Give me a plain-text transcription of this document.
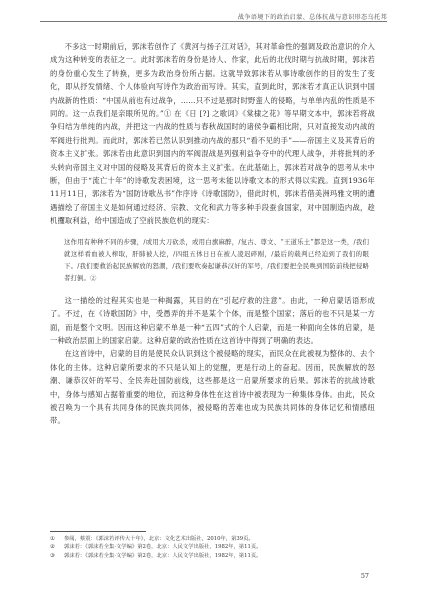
战争语境下的政治启蒙、总体抗战与意识形态乌托邦

不多这一时期前后，郭沫若创作了《黄河与扬子江对话》，其对革命性的强调及政治意识的介入成为这种转变的表征之一。此时郭沫若的身份是诗人、作家，此后的北伐时期与抗战时期，郭沫若的身份重心发生了转换，更多为政治身份所占据。这就导致郭沫若从事诗歌创作的目的发生了变化，即从抒发情绪、个人体验向写诗作为政治而写诗。其实，直到此时，郭沫若才真正认识到中国内战新的性质：“中国从前也有过战争，……只不过是那时时野蛮人的侵略，与单单内乱的性质是不同的。这一点我们是亲眼所见的。”① 在《日 [?] 之歌词》《棠棣之花》等早期文本中，郭沫若将战争归结为单纯的内战，并把这一内战的性质与春秋战国时的诸侯争霸相比附，只对直接发动内战的军阀进行批判。而此时，郭沫若已然认识到推动内战的那只“看不见的手”——帝国主义及其背后的资本主义扩张。郭沫若由此意识到国内的军阀混战是列强利益争夺中的代理人战争，并将批判的矛头转向帝国主义对中国的侵略及其背后的资本主义扩张。在此基础上，郭沫若对战争的思考从未中断，但由于“流亡十年”的诗歌发表困境，这一思考未能以诗歌文本的形式得以实践。直到1936年11月11日，郭沫若为“国防诗歌丛书”作序诗《诗歌国防》，借此时机，郭沫若借美洲玛雅文明的遭遇描绘了帝国主义是如何通过经济、宗教、文化和武力等多种手段蚕食国家，对中国制造内战，趁机攫取利益，给中国造成了空前民族危机的现实：

这作用有种种不同的步骤，/或用大刀砍杀，或用白旗麻醉，/复古、尊文、“王道乐土”都是这一类，/我们就这样看血被人榨取，肝肺被人挖，/四组五体日日在被人凌迟碎剐，/最后的载判已经迫到了我们的眼下。/我们要救治起民族解放的怒潮，/我们要吹奏起谦恭汉奸的军号，/我们要把全民唤到国防前线把侵略者打倒。②

这一描绘的过程其实也是一种揭露，其目的在“引起疗救的注意”。由此，一种启蒙话语形成了。不过，在《诗歌国防》中，受愚弄的并不是某个个体，而是整个国家；落后的也不只是某一方面，而是整个文明。因而这种启蒙不单是一种“五四”式的个人启蒙，而是一种面向全体的启蒙，是一种政治层面上的国家启蒙。这种启蒙的政治性质在这首诗中得到了明确的表达。

在这首诗中，启蒙的目的是使民众认识到这个被侵略的现实，而民众在此被视为整体的、去个体化的主体。这种启蒙所要求的不只是认知上的觉醒，更是行动上的奋起。因而，民族解放的怒潮、谦恭汉奸的军号、全民奔赴国防前线，这些都是这一启蒙所要求的后果。郭沫若的抗战诗歌中，身体与感知占据着重要的地位，而这种身体性在这首诗中被表现为一种集体身体。由此，民众被召唤为一个具有共同身体的民族共同体，被侵略的苦难也成为民族共同体的身体记忆和情感纽带。

① 参阅，蔡震：《郭沫若评传大十年》，北京：文化艺术出版社，2010年，第39页。
② 郭沫若：《郭沫若全集·文学编》第2卷，北京：人民文学出版社，1982年，第11页。
③ 郭沫若：《郭沫若全集·文学编》第2卷，北京：人民文学出版社，1982年，第11页。
57
